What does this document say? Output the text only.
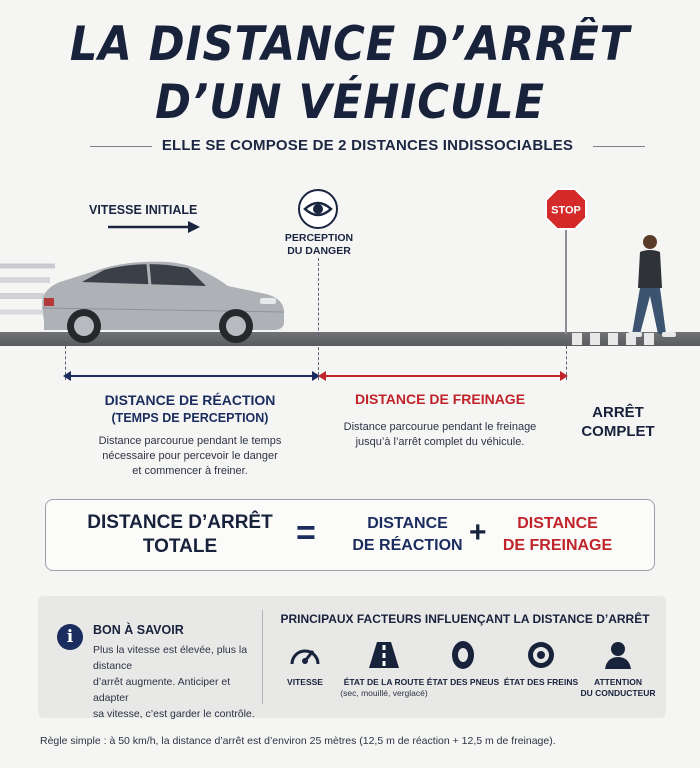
LA DISTANCE D’ARRÊT
D’UN VÉHICULE
ELLE SE COMPOSE DE 2 DISTANCES INDISSOCIABLES
VITESSE INITIALE
PERCEPTION
DU DANGER
STOP
DISTANCE DE RÉACTION
(TEMPS DE PERCEPTION)
Distance parcourue pendant le temps
nécessaire pour percevoir le danger
et commencer à freiner.
DISTANCE DE FREINAGE
Distance parcourue pendant le freinage
jusqu’à l’arrêt complet du véhicule.
ARRÊT
COMPLET
DISTANCE D’ARRÊT
TOTALE	=	DISTANCE
DE RÉACTION +	DISTANCE
DE FREINAGE
i	BON À SAVOIR
Plus la vitesse est élevée, plus la distance
d’arrêt augmente. Anticiper et adapter
sa vitesse, c’est garder le contrôle.
PRINCIPAUX FACTEURS INFLUENÇANT LA DISTANCE D’ARRÊT
VITESSE	ÉTAT DE LA ROUTE
(sec, mouillé, verglacé)
ÉTAT DES PNEUS ÉTAT DES FREINS	ATTENTION
DU CONDUCTEUR
Règle simple : à 50 km/h, la distance d’arrêt est d’environ 25 mètres (12,5 m de réaction + 12,5 m de freinage).
